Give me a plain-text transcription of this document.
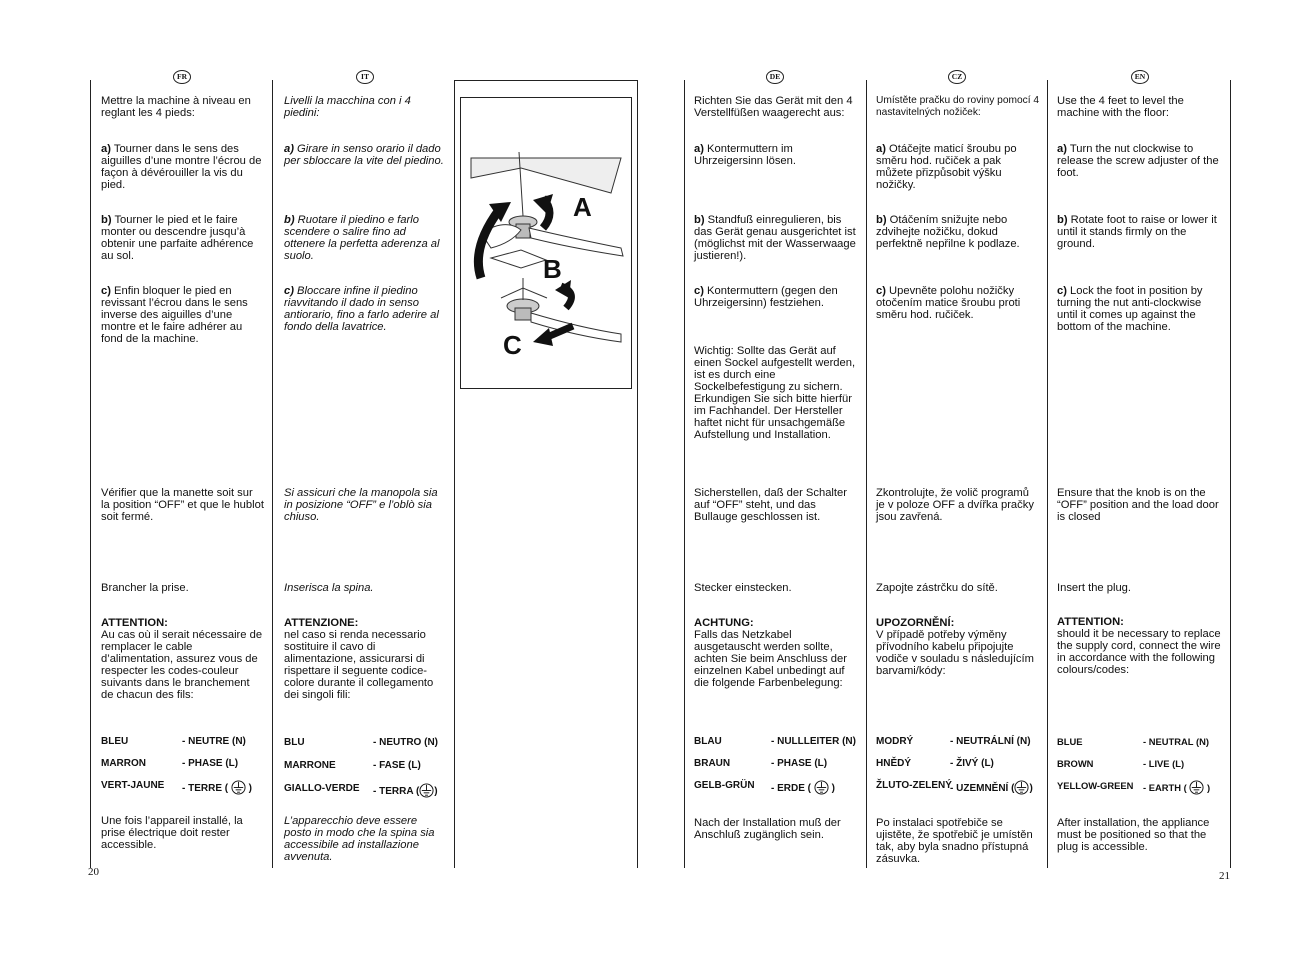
A
B
C
FR
Mettre la machine à niveau en reglant les 4 pieds:
a) Tourner dans le sens des aiguilles d’une montre l’écrou de façon à dévérouiller la vis du pied.
b) Tourner le pied et le faire monter ou descendre jusqu’à obtenir une parfaite adhérence au sol.
c) Enfin bloquer le pied en revissant l’écrou dans le sens inverse des aiguilles d’une montre et le faire adhérer au fond de la machine.
Vérifier que la manette soit sur la position “OFF” et que le hublot soit fermé.
Brancher la prise.
ATTENTION:
Au cas où il serait nécessaire de remplacer le cable d’alimentation, assurez vous de respecter les codes-couleur suivants dans le branchement de chacun des fils:
BLEU	- NEUTRE (N)
MARRON	- PHASE (L)
VERT-JAUNE - TERRE ( )
Une fois l’appareil installé, la prise électrique doit rester accessible.
IT
Livelli la macchina con i 4 piedini:
a) Girare in senso orario il dado per sbloccare la vite del piedino.
b) Ruotare il piedino e farlo scendere o salire fino ad ottenere la perfetta aderenza al suolo.
c) Bloccare infine il piedino riavvitando il dado in senso antiorario, fino a farlo aderire al fondo della lavatrice.
Si assicuri che la manopola sia in posizione “OFF” e l’oblò sia chiuso.
Inserisca la spina.
ATTENZIONE:
nel caso si renda necessario sostituire il cavo di alimentazione, assicurarsi di rispettare il seguente codice-colore durante il collegamento dei singoli fili:
BLU	- NEUTRO (N)
MARRONE	- FASE (L)
GIALLO-VERDE - TERRA ( )
L’apparecchio deve essere posto in modo che la spina sia accessibile ad installazione avvenuta.
DE
Richten Sie das Gerät mit den 4 Verstellfüßen waagerecht aus:
a) Kontermuttern im Uhrzeigersinn lösen.
b) Standfuß einregulieren, bis das Gerät genau ausgerichtet ist (möglichst mit der Wasserwaage justieren!).
c) Kontermuttern (gegen den Uhrzeigersinn) festziehen.
Wichtig: Sollte das Gerät auf einen Sockel aufgestellt werden, ist es durch eine Sockelbefestigung zu sichern. Erkundigen Sie sich bitte hierfür im Fachhandel. Der Hersteller haftet nicht für unsachgemäße Aufstellung und Installation.
Sicherstellen, daß der Schalter auf “OFF” steht, und das Bullauge geschlossen ist.
Stecker einstecken.
ACHTUNG:
Falls das Netzkabel ausgetauscht werden sollte, achten Sie beim Anschluss der einzelnen Kabel unbedingt auf die folgende Farbenbelegung:
BLAU	- NULLLEITER (N)
BRAUN	- PHASE (L)
GELB-GRÜN - ERDE ( )
Nach der Installation muß der Anschluß zugänglich sein.
CZ
Umístěte pračku do roviny pomocí 4 nastavitelných nožiček:
a) Otáčejte maticí šroubu po směru hod. ručiček a pak můžete přizpůsobit výšku nožičky.
b) Otáčením snižujte nebo zdvihejte nožičku, dokud perfektně nepřilne k podlaze.
c) Upevněte polohu nožičky otočením matice šroubu proti směru hod. ručiček.
Zkontrolujte, že volič programů je v poloze OFF a dvířka pračky jsou zavřená.
Zapojte zástrčku do sítě.
UPOZORNĚNÍ:
V případě potřeby výměny přívodního kabelu připojujte vodiče v souladu s následujícím barvami/kódy:
MODRÝ	- NEUTRÁLNÍ (N)
HNĚDÝ	- ŽIVÝ (L)
ŽLUTO-ZELENÝ
- UZEMNĚNÍ ( )
Po instalaci spotřebiče se ujistěte, že spotřebič je umístěn tak, aby byla snadno přístupná zásuvka.
EN
Use the 4 feet to level the machine with the floor:
a) Turn the nut clockwise to release the screw adjuster of the foot.
b) Rotate foot to raise or lower it until it stands firmly on the ground.
c) Lock the foot in position by turning the nut anti-clockwise until it comes up against the bottom of the machine.
Ensure that the knob is on the “OFF” position and the load door is closed
Insert the plug.
ATTENTION:
should it be necessary to replace the supply cord, connect the wire in accordance with the following colours/codes:
BLUE	- NEUTRAL (N)
BROWN	- LIVE (L)
YELLOW-GREEN - EARTH ( )
After installation, the appliance must be positioned so that the plug is accessible.
20	21
